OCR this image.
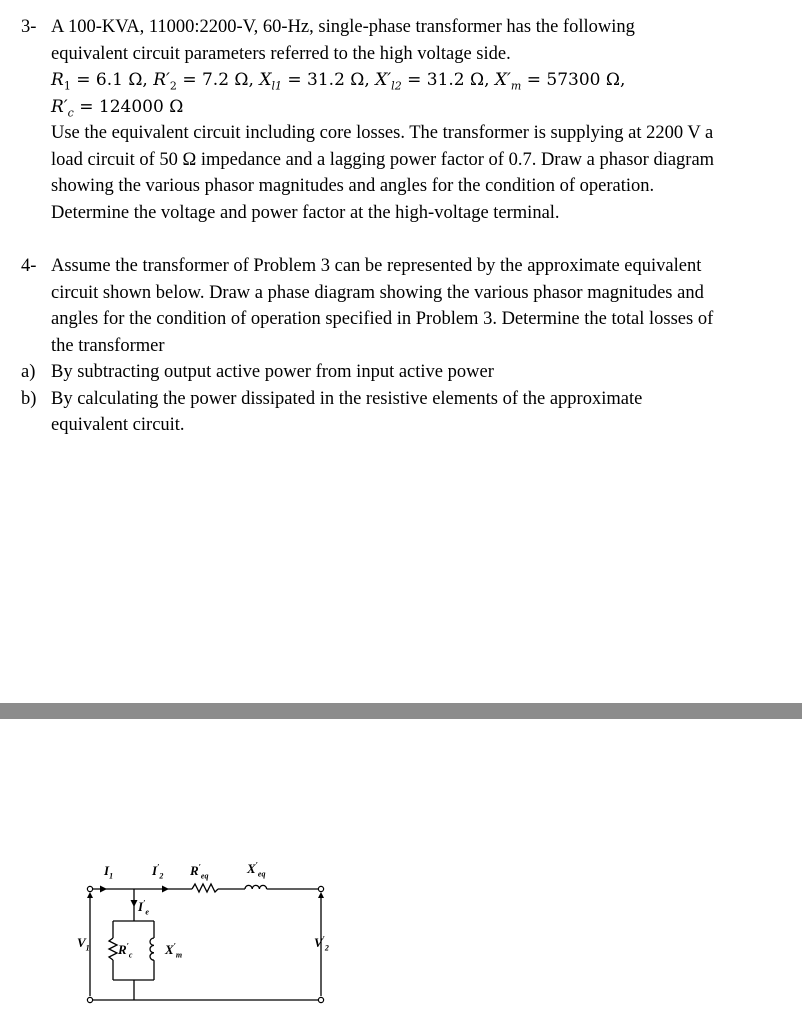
3- A 100-KVA, 11000:2200-V, 60-Hz, single-phase transformer has the following
equivalent circuit parameters referred to the high voltage side.
$R_1 = 6.1$ Ω, $R'_2 = 7.2$ Ω, $X_{l1} = 31.2$ Ω, $X'_{l2} = 31.2$ Ω, $X'_m = 57300$ Ω,
$R'_c = 124000$ Ω
Use the equivalent circuit including core losses. The transformer is supplying at 2200 V a
load circuit of 50 Ω impedance and a lagging power factor of 0.7. Draw a phasor diagram
showing the various phasor magnitudes and angles for the condition of operation.
Determine the voltage and power factor at the high-voltage terminal.
4- Assume the transformer of Problem 3 can be represented by the approximate equivalent
circuit shown below. Draw a phase diagram showing the various phasor magnitudes and
angles for the condition of operation specified in Problem 3. Determine the total losses of
the transformer
a) By subtracting output active power from input active power
b) By calculating the power dissipated in the resistive elements of the approximate
equivalent circuit.
$I_1$	$I'_2$ $R'_{eq}$
$X'_{eq}$
$I'_e$
$V_1$ $R'_c$	$X'_m$
$V'_2$
